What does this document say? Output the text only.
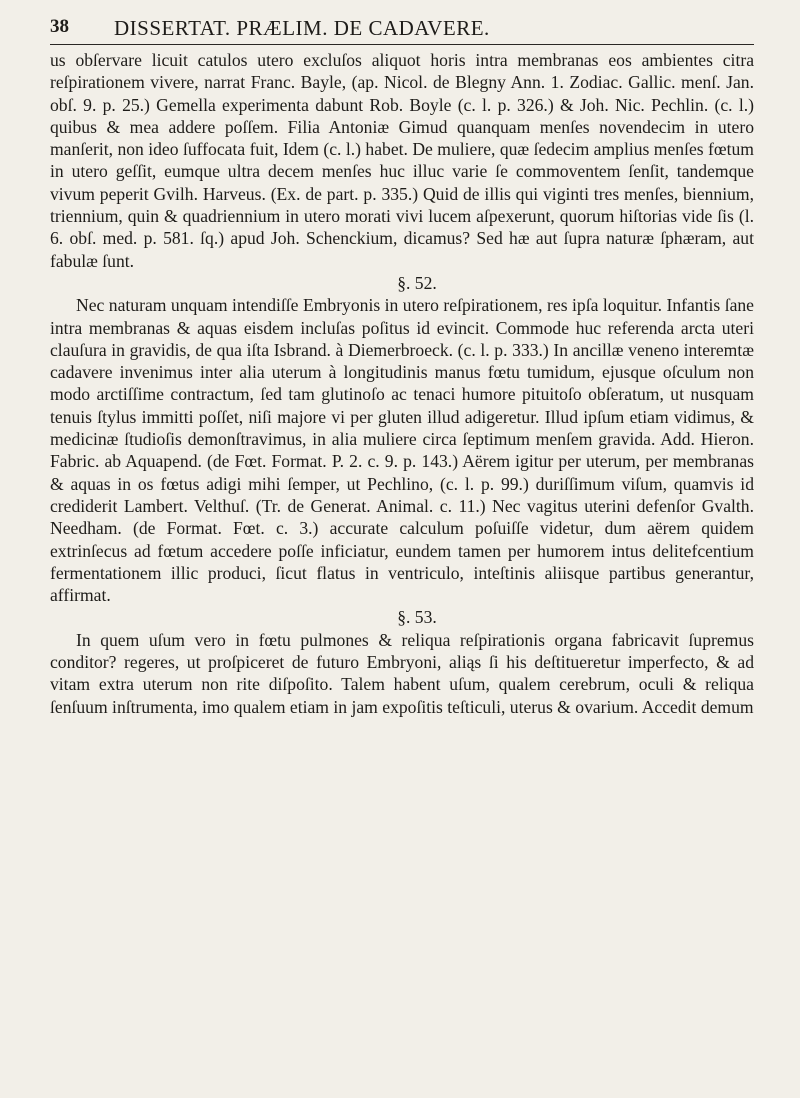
38 DISSERTAT. PRÆLIM. DE CADAVERE.

us obſervare licuit catulos utero excluſos aliquot horis intra membranas eos ambientes citra reſpirationem vivere, narrat Franc. Bayle, (ap. Nicol. de Blegny Ann. 1. Zodiac. Gallic. menſ. Jan. obſ. 9. p. 25.) Gemella experimenta dabunt Rob. Boyle (c. l. p. 326.) & Joh. Nic. Pechlin. (c. l.) quibus & mea addere poſſem. Filia Antoniæ Gimud quanquam menſes novendecim in utero manſerit, non ideo ſuffocata fuit, Idem (c. l.) habet. De muliere, quæ ſedecim amplius menſes fœtum in utero geſſit, eumque ultra decem menſes huc illuc varie ſe commoventem ſenſit, tandemque vivum peperit Gvilh. Harveus. (Ex. de part. p. 335.) Quid de illis qui viginti tres menſes, biennium, triennium, quin & quadriennium in utero morati vivi lucem aſpexerunt, quorum hiſtorias vide ſis (l. 6. obſ. med. p. 581. ſq.) apud Joh. Schenckium, dicamus? Sed hæ aut ſupra naturæ ſphæram, aut fabulæ ſunt.

§. 52.

Nec naturam unquam intendiſſe Embryonis in utero reſpirationem, res ipſa loquitur. Infantis ſane intra membranas & aquas eisdem incluſas poſitus id evincit. Commode huc referenda arcta uteri clauſura in gravidis, de qua iſta Isbrand. à Diemerbroeck. (c. l. p. 333.) In ancillæ veneno interemtæ cadavere invenimus inter alia uterum à longitudinis manus fœtu tumidum, ejusque oſculum non modo arctiſſime contractum, ſed tam glutinoſo ac tenaci humore pituitoſo obſeratum, ut nusquam tenuis ſtylus immitti poſſet, niſi majore vi per gluten illud adigeretur. Illud ipſum etiam vidimus, & medicinæ ſtudioſis demonſtravimus, in alia muliere circa ſeptimum menſem gravida. Add. Hieron. Fabric. ab Aquapend. (de Fœt. Format. P. 2. c. 9. p. 143.) Aërem igitur per uterum, per membranas & aquas in os fœtus adigi mihi ſemper, ut Pechlino, (c. l. p. 99.) duriſſimum viſum, quamvis id crediderit Lambert. Velthuſ. (Tr. de Generat. Animal. c. 11.) Nec vagitus uterini defenſor Gvalth. Needham. (de Format. Fœt. c. 3.) accurate calculum poſuiſſe videtur, dum aërem quidem extrinſecus ad fœtum accedere poſſe inficiatur, eundem tamen per humorem intus delitefcentium fermentationem illic produci, ſicut flatus in ventriculo, inteſtinis aliisque partibus generantur, affirmat.

§. 53.

In quem uſum vero in fœtu pulmones & reliqua reſpirationis organa fabricavit ſupremus conditor? regeres, ut proſpiceret de futuro Embryoni, aliąs ſi his deſtitueretur imperfecto, & ad vitam extra uterum non rite diſpoſito. Talem habent uſum, qualem cerebrum, oculi & reliqua ſenſuum inſtrumenta, imo qualem etiam in jam expoſitis teſticuli, uterus & ovarium. Accedit demum
